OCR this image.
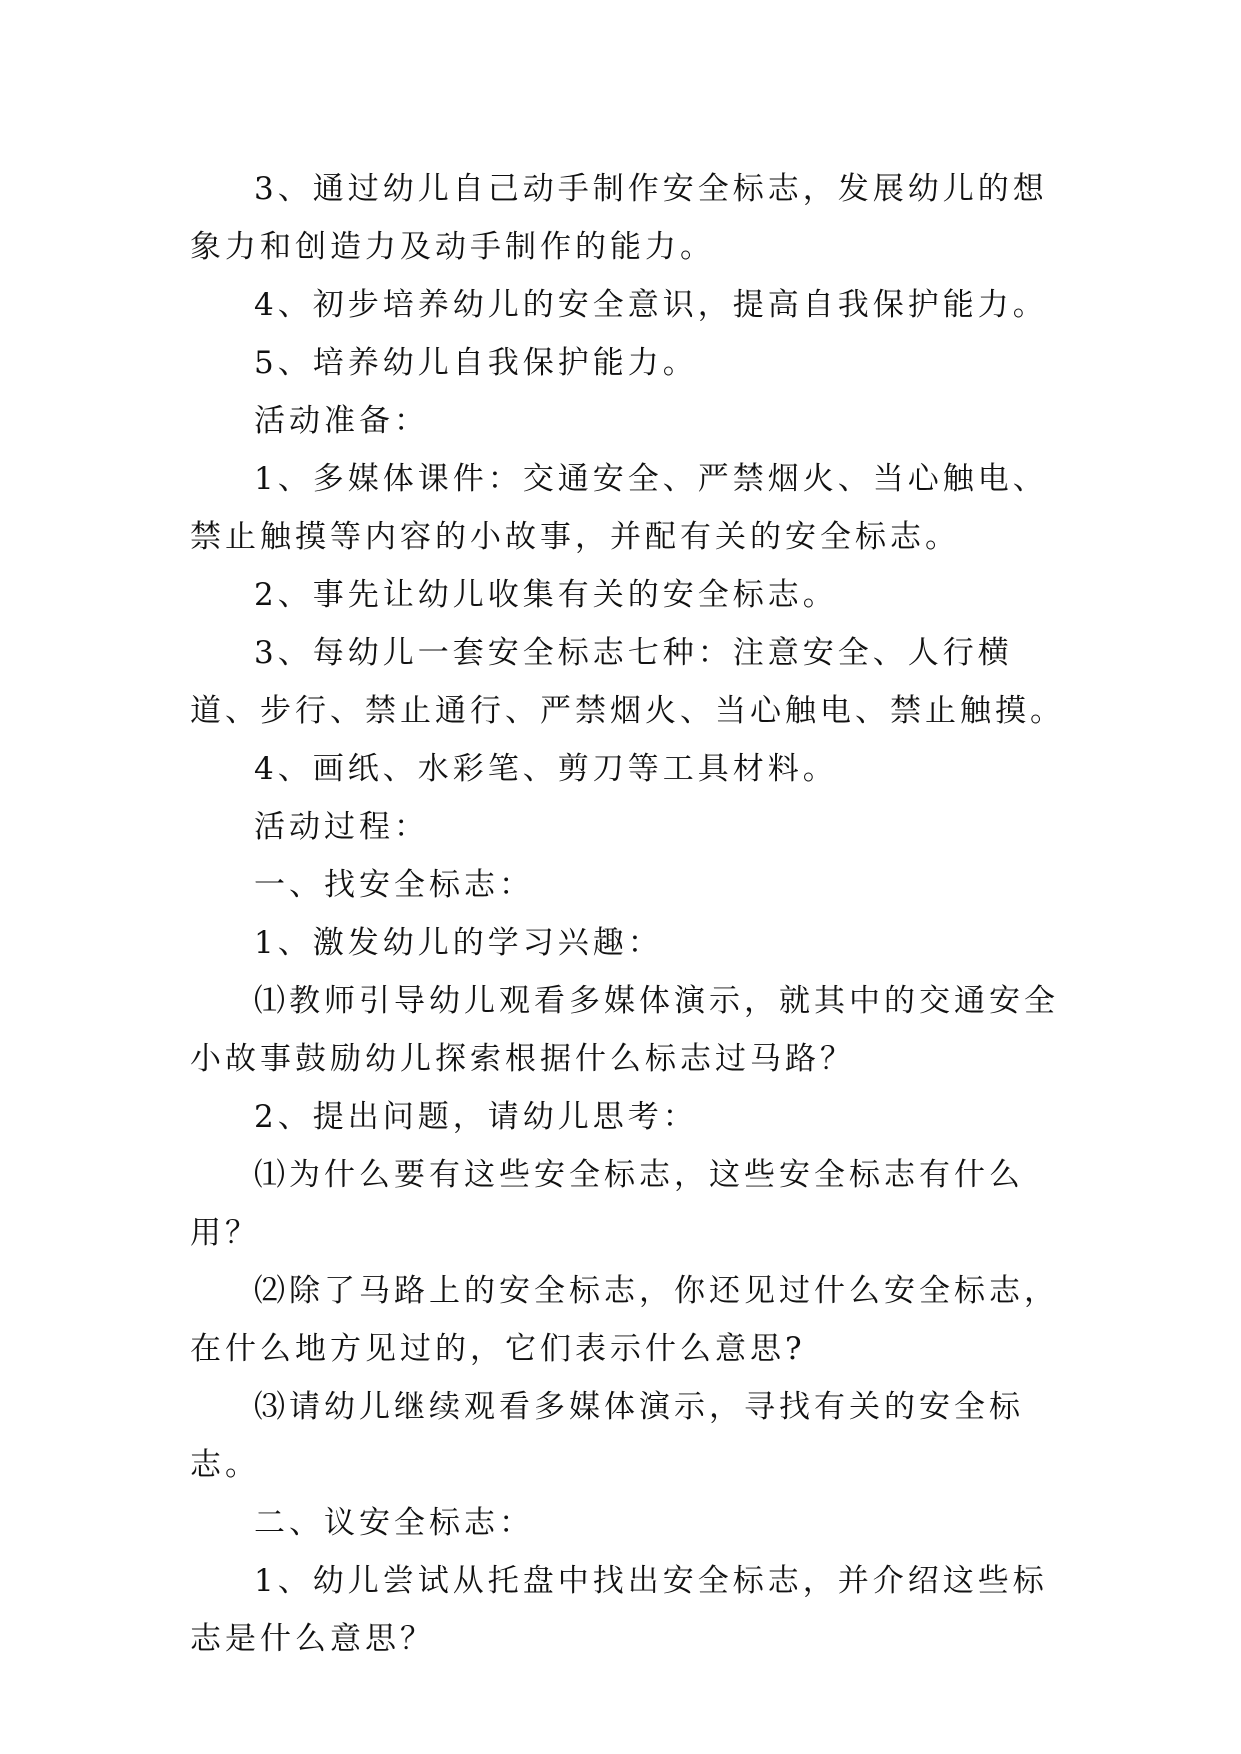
3、通过幼儿自己动手制作安全标志，发展幼儿的想象力和创造力及动手制作的能力。

4、初步培养幼儿的安全意识，提高自我保护能力。

5、培养幼儿自我保护能力。

活动准备：

1、多媒体课件：交通安全、严禁烟火、当心触电、禁止触摸等内容的小故事，并配有关的安全标志。

2、事先让幼儿收集有关的安全标志。

3、每幼儿一套安全标志七种：注意安全、人行横道、步行、禁止通行、严禁烟火、当心触电、禁止触摸。

4、画纸、水彩笔、剪刀等工具材料。

活动过程：

一、找安全标志：

1、激发幼儿的学习兴趣：

⑴教师引导幼儿观看多媒体演示，就其中的交通安全小故事鼓励幼儿探索根据什么标志过马路？

2、提出问题，请幼儿思考：

⑴为什么要有这些安全标志，这些安全标志有什么用？

⑵除了马路上的安全标志，你还见过什么安全标志，在什么地方见过的，它们表示什么意思?

⑶请幼儿继续观看多媒体演示，寻找有关的安全标志。

二、议安全标志：

1、幼儿尝试从托盘中找出安全标志，并介绍这些标志是什么意思？
